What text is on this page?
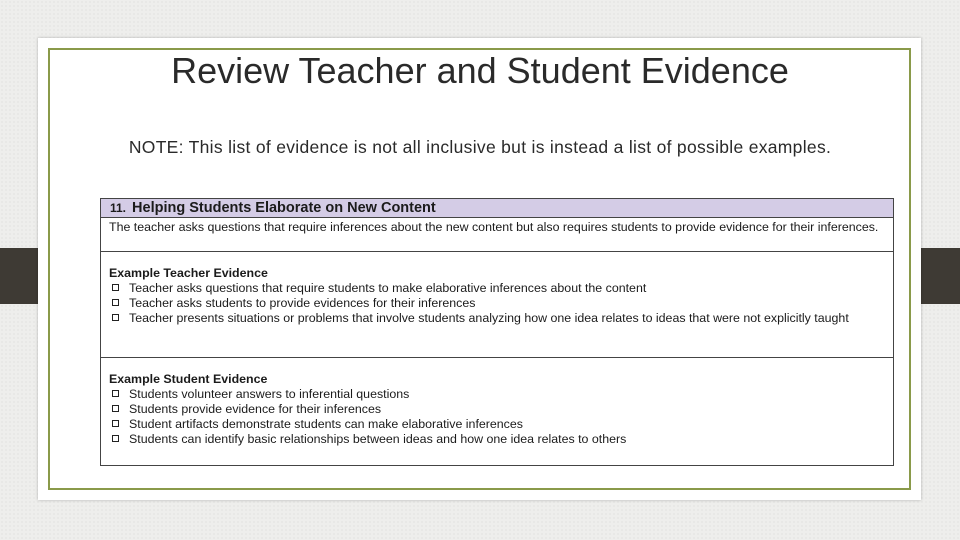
Review Teacher and Student Evidence
NOTE: This list of evidence is not all inclusive but is instead a list of possible examples.
11. Helping Students Elaborate on New Content
The teacher asks questions that require inferences about the new content but also requires students to provide evidence for their inferences.
Example Teacher Evidence
Teacher asks questions that require students to make elaborative inferences about the content
Teacher asks students to provide evidences for their inferences
Teacher presents situations or problems that involve students analyzing how one idea relates to ideas that were not explicitly taught
Example Student Evidence
Students volunteer answers to inferential questions
Students provide evidence for their inferences
Student artifacts demonstrate students can make elaborative inferences
Students can identify basic relationships between ideas and how one idea relates to others
